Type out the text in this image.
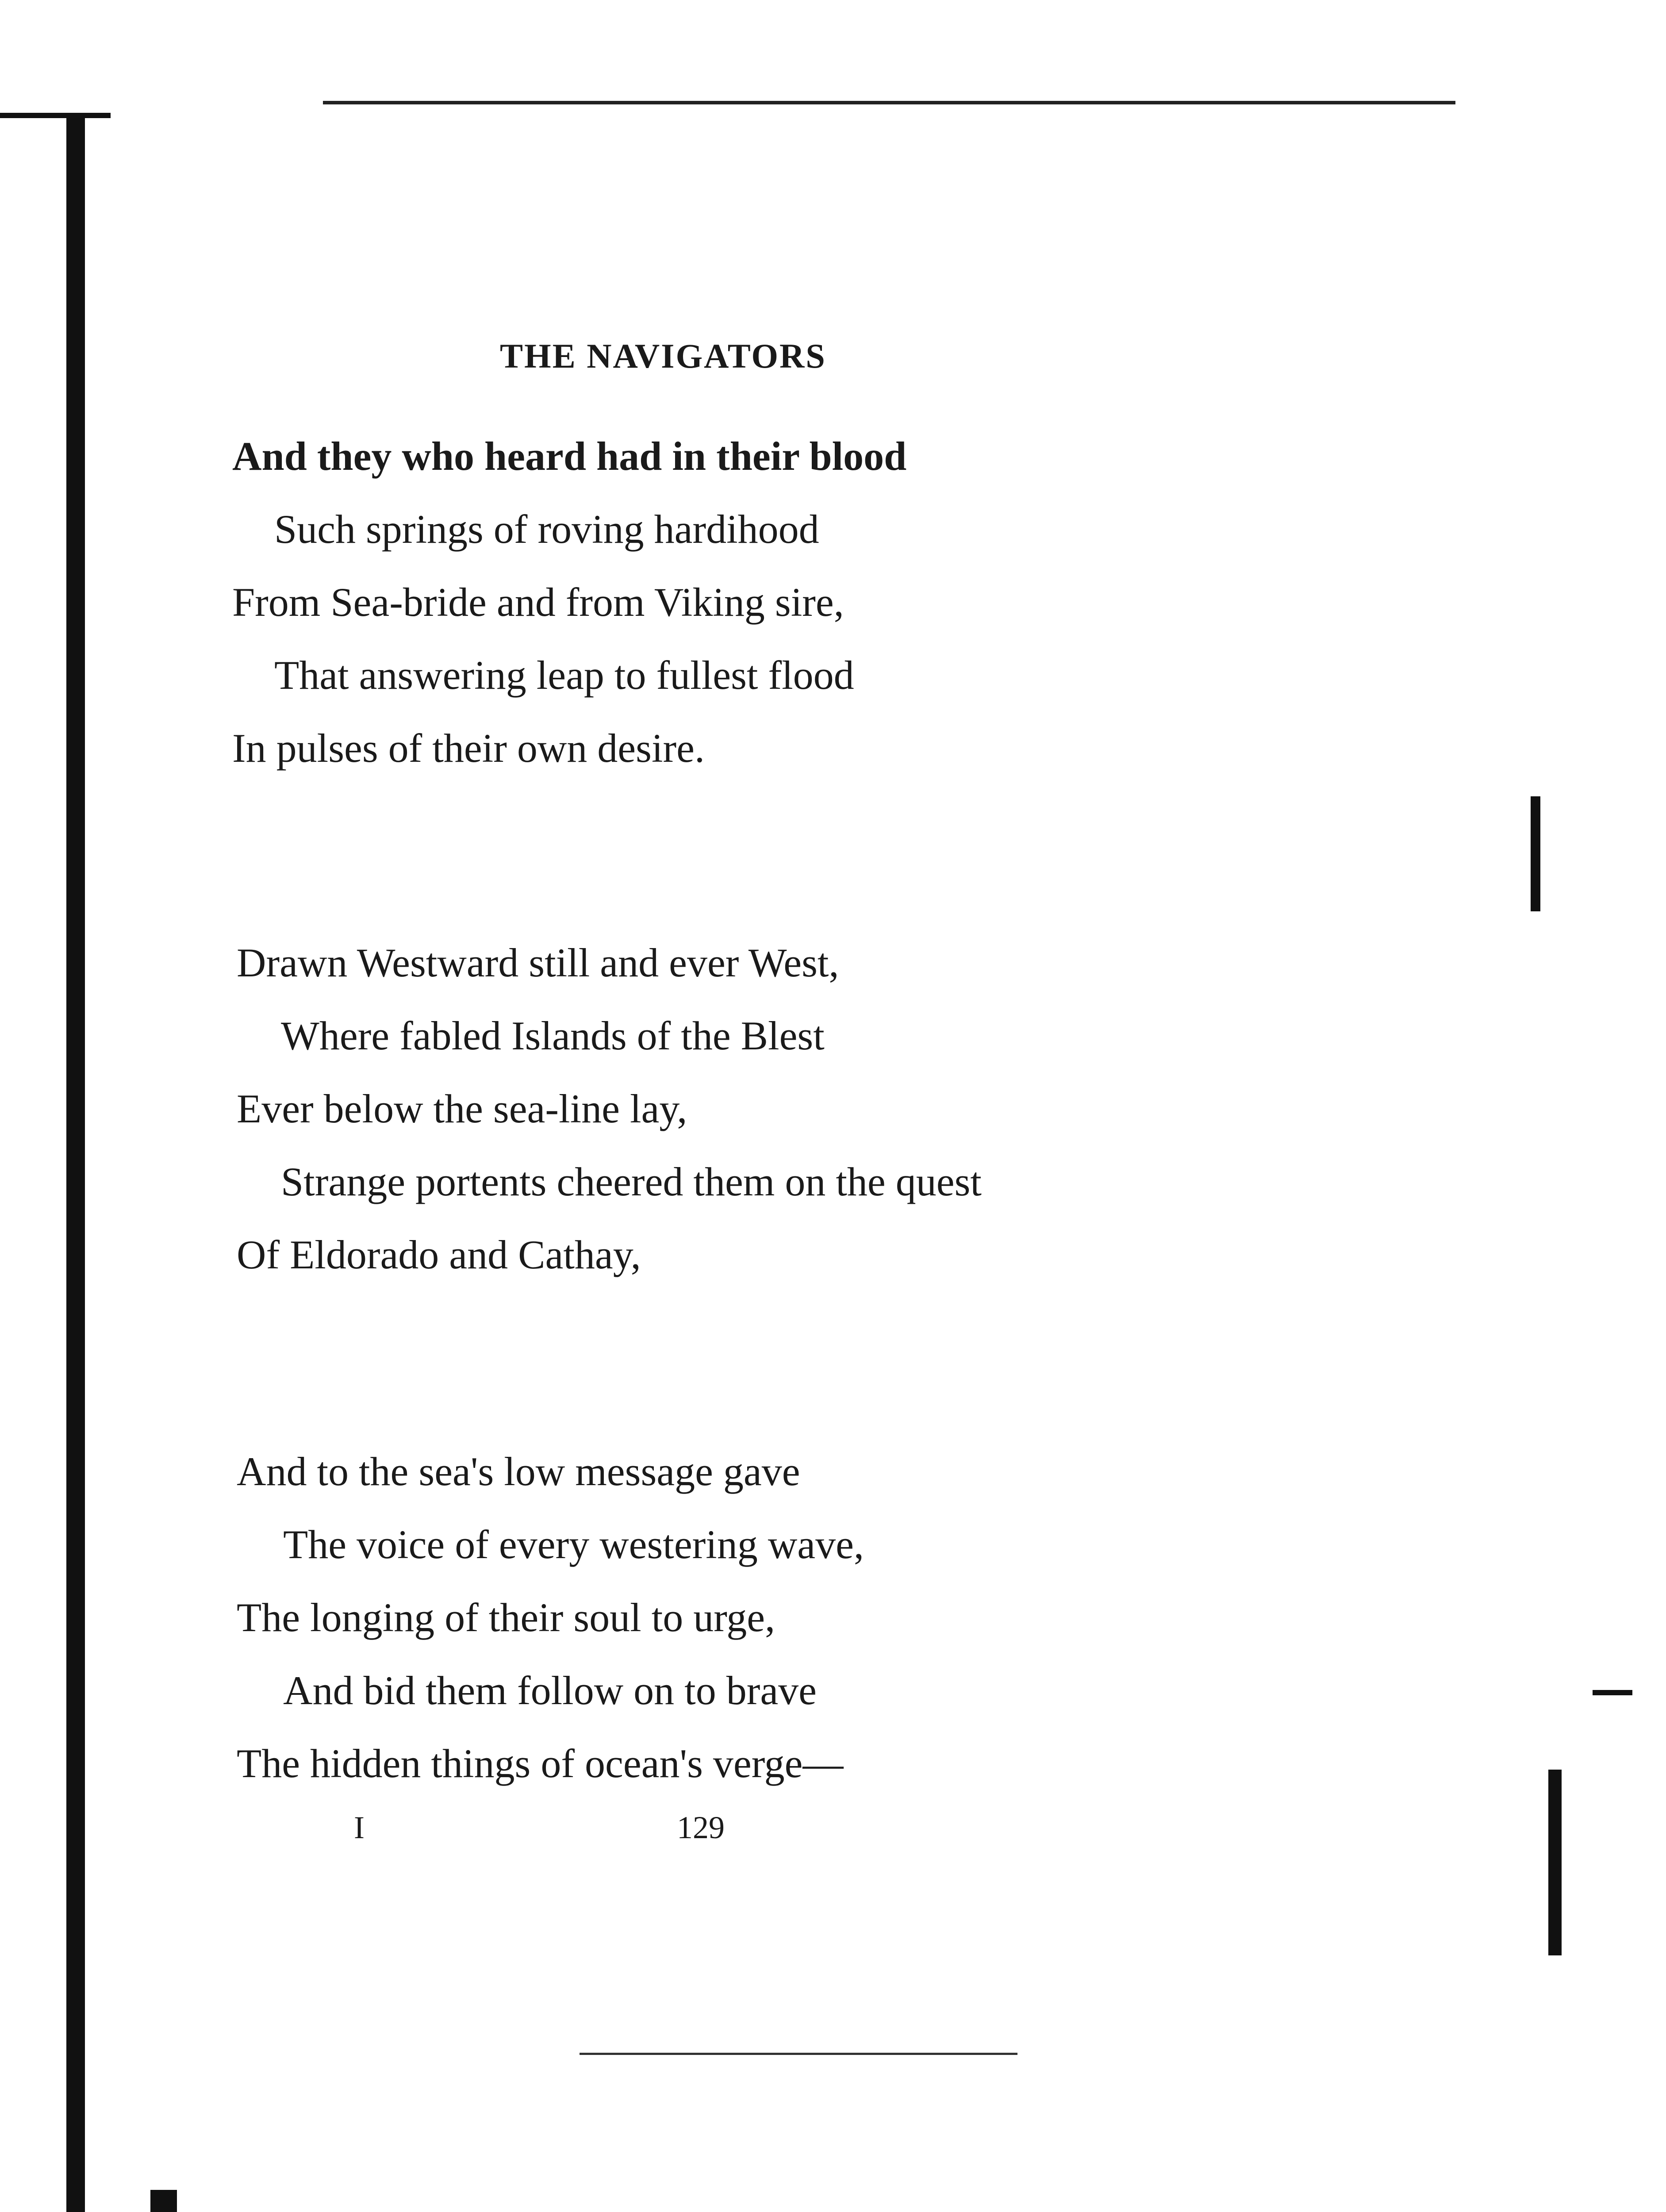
THE NAVIGATORS
And they who heard had in their blood
Such springs of roving hardihood
From Sea-bride and from Viking sire,
That answering leap to fullest flood
In pulses of their own desire.
Drawn Westward still and ever West,
Where fabled Islands of the Blest
Ever below the sea-line lay,
Strange portents cheered them on the quest
Of Eldorado and Cathay,
And to the sea's low message gave
The voice of every westering wave,
The longing of their soul to urge,
And bid them follow on to brave
The hidden things of ocean's verge—
I	129
